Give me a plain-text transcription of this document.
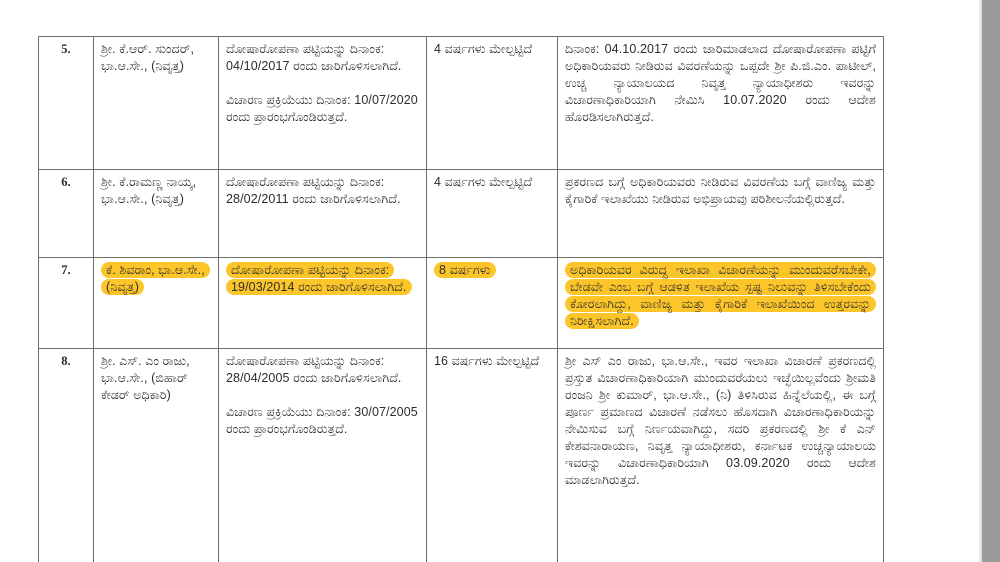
5.	ಶ್ರೀ. ಕೆ.ಆರ್. ಸುಂದರ್, ಭಾ.ಆ.ಸೇ., (ನಿವೃತ್ತ)	ದೋಷಾರೋಪಣಾ ಪಟ್ಟಿಯನ್ನು ದಿನಾಂಕ: 04/10/2017 ರಂದು ಜಾರಿಗೊಳಿಸಲಾಗಿದೆ.

ವಿಚಾರಣ ಪ್ರಕ್ರಿಯೆಯು ದಿನಾಂಕ: 10/07/2020 ರಂದು ಪ್ರಾರಂಭಗೊಂಡಿರುತ್ತದೆ.	4 ವರ್ಷಗಳು ಮೇಲ್ಪಟ್ಟಿದೆ	ದಿನಾಂಕ: 04.10.2017 ರಂದು ಜಾರಿಮಾಡಲಾದ ದೋಷಾರೋಪಣಾ ಪಟ್ಟಿಗೆ ಅಧಿಕಾರಿಯವರು ನೀಡಿರುವ ವಿವರಣೆಯನ್ನು ಒಪ್ಪದೇ ಶ್ರೀ ಪಿ.ಜಿ.ಎಂ. ಪಾಟೀಲ್, ಉಚ್ಚ ನ್ಯಾಯಾಲಯದ ನಿವೃತ್ತ ನ್ಯಾಯಾಧೀಶರು ಇವರನ್ನು ವಿಚಾರಣಾಧಿಕಾರಿಯಾಗಿ ನೇಮಿಸಿ 10.07.2020 ರಂದು ಆದೇಶ ಹೊರಡಿಸಲಾಗಿರುತ್ತದೆ.
6.	ಶ್ರೀ. ಕೆ.ರಾಮಣ್ಣ ನಾಯ್ಕ, ಭಾ.ಆ.ಸೇ., (ನಿವೃತ್ತ)	ದೋಷಾರೋಪಣಾ ಪಟ್ಟಿಯನ್ನು ದಿನಾಂಕ: 28/02/2011 ರಂದು ಜಾರಿಗೊಳಿಸಲಾಗಿದೆ.	4 ವರ್ಷಗಳು ಮೇಲ್ಪಟ್ಟಿದೆ	ಪ್ರಕರಣದ ಬಗ್ಗೆ ಅಧಿಕಾರಿಯವರು ನೀಡಿರುವ ವಿವರಣೆಯ ಬಗ್ಗೆ ವಾಣಿಜ್ಯ ಮತ್ತು ಕೈಗಾರಿಕೆ ಇಲಾಖೆಯು ನೀಡಿರುವ ಅಭಿಪ್ರಾಯವು ಪರಿಶೀಲನೆಯಲ್ಲಿರುತ್ತದೆ.
7.	ಕೆ. ಶಿವರಾಂ, ಭಾ.ಆ.ಸೇ., (ನಿವೃತ್ತ)	ದೋಷಾರೋಪಣಾ ಪಟ್ಟಿಯನ್ನು ದಿನಾಂಕ: 19/03/2014 ರಂದು ಜಾರಿಗೊಳಿಸಲಾಗಿದೆ.	8 ವರ್ಷಗಳು	ಅಧಿಕಾರಿಯವರ ವಿರುದ್ಧ ಇಲಾಖಾ ವಿಚಾರಣೆಯನ್ನು ಮುಂದುವರೆಸಬೇಕೇ, ಬೇಡವೇ ಎಂಬ ಬಗ್ಗೆ ಆಡಳಿತ ಇಲಾಖೆಯ ಸ್ಪಷ್ಟ ನಿಲುವನ್ನು ತಿಳಿಸಬೇಕೆಂದು ಕೋರಲಾಗಿದ್ದು, ವಾಣಿಜ್ಯ ಮತ್ತು ಕೈಗಾರಿಕೆ ಇಲಾಖೆಯಿಂದ ಉತ್ತರವನ್ನು ನಿರೀಕ್ಷಿಸಲಾಗಿದೆ.
8.	ಶ್ರೀ. ಎಸ್. ಎಂ ರಾಜು, ಭಾ.ಆ.ಸೇ., (ಬಿಹಾರ್ ಕೇಡರ್ ಅಧಿಕಾರಿ)	ದೋಷಾರೋಪಣಾ ಪಟ್ಟಿಯನ್ನು ದಿನಾಂಕ: 28/04/2005 ರಂದು ಜಾರಿಗೊಳಿಸಲಾಗಿದೆ.

ವಿಚಾರಣ ಪ್ರಕ್ರಿಯೆಯು ದಿನಾಂಕ: 30/07/2005 ರಂದು ಪ್ರಾರಂಭಗೊಂಡಿರುತ್ತದೆ.	16 ವರ್ಷಗಳು ಮೇಲ್ಪಟ್ಟಿದೆ	ಶ್ರೀ ಎಸ್ ಎಂ ರಾಜು, ಭಾ.ಆ.ಸೇ., ಇವರ ಇಲಾಖಾ ವಿಚಾರಣೆ ಪ್ರಕರಣದಲ್ಲಿ ಪ್ರಸ್ತುತ ವಿಚಾರಣಾಧಿಕಾರಿಯಾಗಿ ಮುಂದುವರೆಯಲು ಇಚ್ಛೆಯಿಲ್ಲವೆಂದು ಶ್ರೀಮತಿ ರಂಜನಿ ಶ್ರೀ ಕುಮಾರ್, ಭಾ.ಆ.ಸೇ., (ನಿ) ತಿಳಿಸಿರುವ ಹಿನ್ನೆಲೆಯಲ್ಲಿ, ಈ ಬಗ್ಗೆ ಪೂರ್ಣ ಪ್ರಮಾಣದ ವಿಚಾರಣೆ ನಡೆಸಲು ಹೊಸದಾಗಿ ವಿಚಾರಣಾಧಿಕಾರಿಯನ್ನು ನೇಮಿಸುವ ಬಗ್ಗೆ ನಿರ್ಣಯವಾಗಿದ್ದು, ಸದರಿ ಪ್ರಕರಣದಲ್ಲಿ ಶ್ರೀ ಕೆ ಎನ್ ಕೇಶವನಾರಾಯಣ, ನಿವೃತ್ತ ನ್ಯಾಯಾಧೀಶರು, ಕರ್ನಾಟಕ ಉಚ್ಚನ್ಯಾಯಾಲಯ ಇವರನ್ನು ವಿಚಾರಣಾಧಿಕಾರಿಯಾಗಿ 03.09.2020 ರಂದು ಆದೇಶ ಮಾಡಲಾಗಿರುತ್ತದೆ.
